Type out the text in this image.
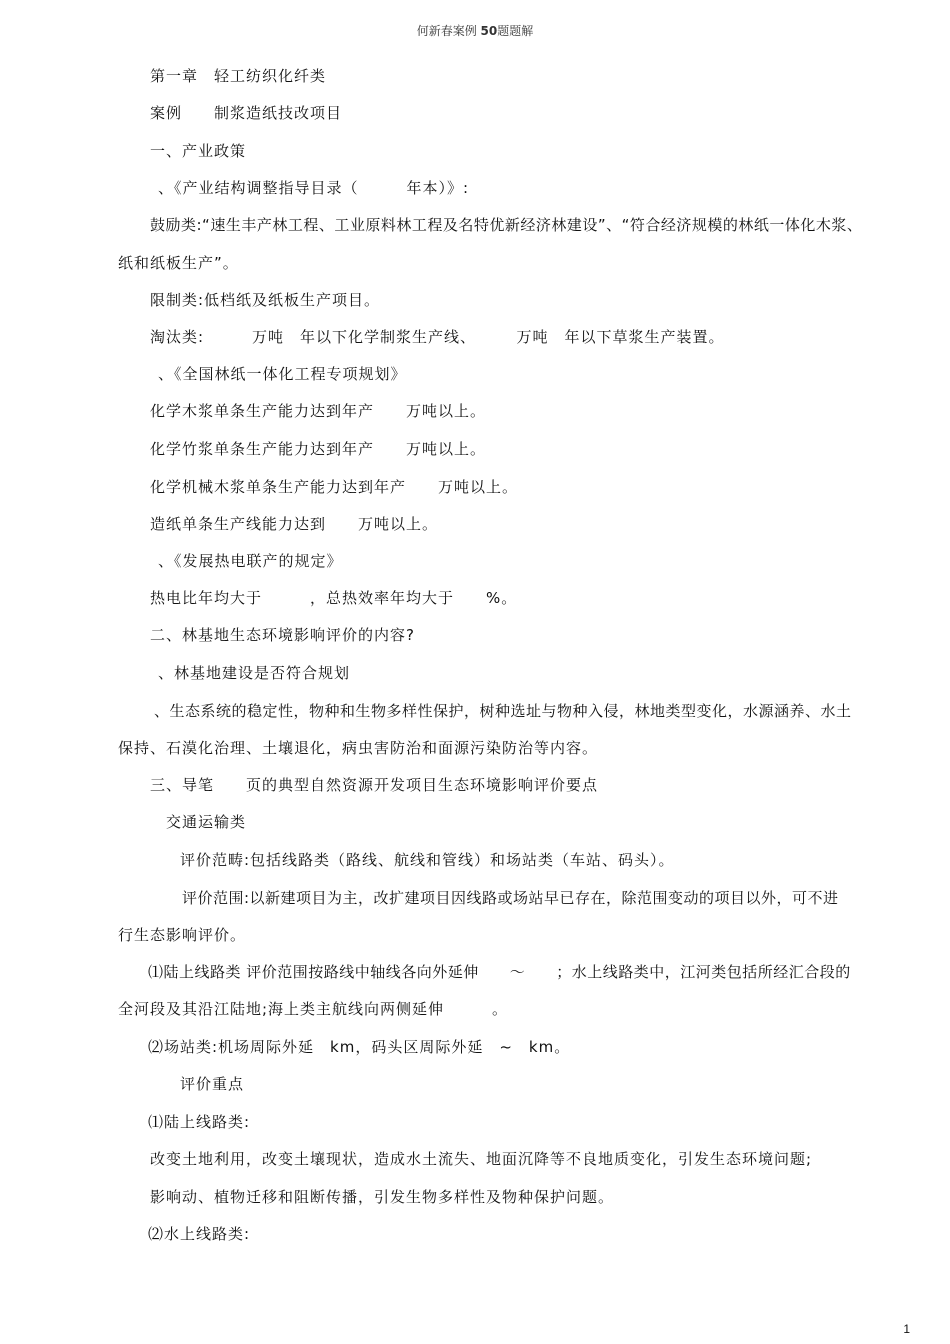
何新春案例 50题题解
第一章　轻工纺织化纤类
案例　　制浆造纸技改项目
一、产业政策
、《产业结构调整指导目录（　　　年本）》:
鼓励类:“速生丰产林工程、工业原料林工程及名特优新经济林建设”、“符合经济规模的林纸一体化木浆、
纸和纸板生产”。
限制类:低档纸及纸板生产项目。
淘汰类:　　　万吨　年以下化学制浆生产线、　　　万吨　年以下草浆生产装置。
、《全国林纸一体化工程专项规划》
化学木浆单条生产能力达到年产　　万吨以上。
化学竹浆单条生产能力达到年产　　万吨以上。
化学机械木浆单条生产能力达到年产　　万吨以上。
造纸单条生产线能力达到　　万吨以上。
、《发展热电联产的规定》
热电比年均大于　　　，总热效率年均大于　　%。
二、林基地生态环境影响评价的内容?
、林基地建设是否符合规划
、生态系统的稳定性，物种和生物多样性保护，树种选址与物种入侵，林地类型变化，水源涵养、水土
保持、石漠化治理、土壤退化，病虫害防治和面源污染防治等内容。
三、导笔　　页的典型自然资源开发项目生态环境影响评价要点
交通运输类
评价范畴:包括线路类（路线、航线和管线）和场站类（车站、码头）。
评价范围:以新建项目为主，改扩建项目因线路或场站早已存在，除范围变动的项目以外，可不进
行生态影响评价。
⑴陆上线路类 评价范围按路线中轴线各向外延伸　　～　　；水上线路类中，江河类包括所经汇合段的
全河段及其沿江陆地;海上类主航线向两侧延伸　　　。
⑵场站类:机场周际外延　km，码头区周际外延　~　km。
评价重点
⑴陆上线路类:
改变土地利用，改变土壤现状，造成水土流失、地面沉降等不良地质变化，引发生态环境问题;
影响动、植物迁移和阻断传播，引发生物多样性及物种保护问题。
⑵水上线路类:
1
